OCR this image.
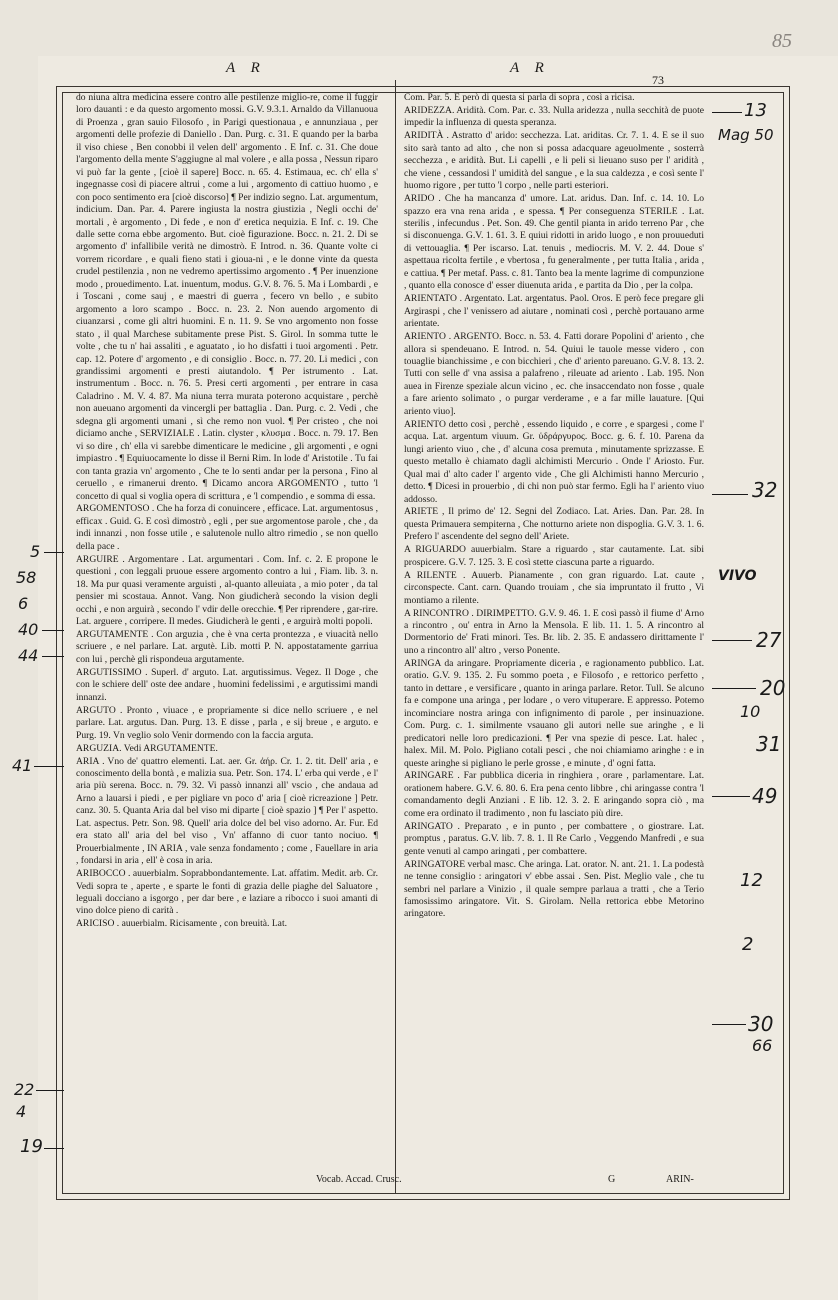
85
A R	A R
73

do niuna altra medicina essere contro alle pestilenze miglio-re, come il fuggir loro dauanti : e da questo argomento mossi. G.V. 9.3.1. Arnaldo da Villanuoua di Proenza , gran sauio Filosofo , in Parigi questionaua , e annunziaua , per argomenti delle profezie di Daniello . Dan. Purg. c. 31. E quando per la barba il viso chiese , Ben conobbi il velen dell' argomento . E Inf. c. 31. Che doue l'argomento della mente S'aggiugne al mal volere , e alla possa , Nessun riparo vi può far la gente , [cioè il sapere] Bocc. n. 65. 4. Estimaua, ec. ch' ella s' ingegnasse così di piacere altrui , come a lui , argomento di cattiuo huomo , e con poco sentimento era [cioè discorso] ¶ Per indizio segno. Lat. argumentum, indicium. Dan. Par. 4. Parere ingiusta la nostra giustizia , Negli occhi de' mortali , è argomento , Di fede , e non d' eretica nequizia. E Inf. c. 19. Che dalle sette corna ebbe argomento. But. cioè figurazione. Bocc. n. 21. 2. Di se argomento d' infallibile verità ne dimostrò. E Introd. n. 36. Quante volte ci vorrem ricordare , e quali fieno stati i gioua-ni , e le donne vinte da questa crudel pestilenzia , non ne vedremo apertissimo argomento . ¶ Per inuenzione modo , prouedimento. Lat. inuentum, modus. G.V. 8. 76. 5. Ma i Lombardi , e i Toscani , come sauj , e maestri di guerra , fecero vn bello , e subito argomento a loro scampo . Bocc. n. 23. 2. Non auendo argomento di ciuanzarsi , come gli altri huomini. E n. 11. 9. Se vno argomento non fosse stato , il qual Marchese subitamente prese Pist. S. Girol. In somma tutte le volte , che tu n' hai assaliti , e aguatato , io ho disfatti i tuoi argomenti . Petr. cap. 12. Potere d' argomento , e di consiglio . Bocc. n. 77. 20. Li medici , con grandissimi argomenti e presti aiutandolo. ¶ Per istrumento . Lat. instrumentum . Bocc. n. 76. 5. Presi certi argomenti , per entrare in casa Caladrino . M. V. 4. 87. Ma niuna terra murata poterono acquistare , perchè non aueuano argomenti da vincergli per battaglia . Dan. Purg. c. 2. Vedi , che sdegna gli argomenti umani , sì che remo non vuol. ¶ Per cristeo , che noi diciamo anche , SERVIZIALE . Latin. clyster , κλυσμα . Bocc. n. 79. 17. Ben vi so dire , ch' ella vi sarebbe dimenticare le medicine , gli argomenti , e ogni impiastro . ¶ Equiuocamente lo disse il Berni Rim. In lode d' Aristotile . Tu fai con tanta grazia vn' argomento , Che te lo senti andar per la persona , Fino al ceruello , e rimanerui drento. ¶ Dicamo ancora ARGOMENTO , tutto 'l concetto di qual si voglia opera di scrittura , e 'l compendio , e somma di essa.

ARGOMENTOSO . Che ha forza di conuincere , efficace. Lat. argumentosus , efficax . Guid. G. E così dimostrò , egli , per sue argomentose parole , che , da indi innanzi , non fosse utile , e salutenole nullo altro rimedio , se non quello della pace .

ARGUIRE . Argomentare . Lat. argumentari . Com. Inf. c. 2. E propone le questioni , con leggali pruoue essere argomento contro a lui , Fiam. lib. 3. n. 18. Ma pur quasi veramente arguisti , al-quanto alleuiata , a mio poter , da tal pensier mi scostaua. Annot. Vang. Non giudicherà secondo la vision degli occhi , e non arguirà , secondo l' vdir delle orecchie. ¶ Per riprendere , gar-rire. Lat. arguere , corripere. Il medes. Giudicherà le genti , e arguirà molti popoli.

ARGUTAMENTE . Con arguzia , che è vna certa prontezza , e viuacità nello scriuere , e nel parlare. Lat. argutè. Lib. motti P. N. appostatamente garriua con lui , perchè gli rispondeua argutamente.

ARGUTISSIMO . Superl. d' arguto. Lat. argutissimus. Vegez. Il Doge , che con le schiere dell' oste dee andare , huomini fedelissimi , e argutissimi mandi innanzi.

ARGUTO . Pronto , viuace , e propriamente si dice nello scriuere , e nel parlare. Lat. argutus. Dan. Purg. 13. E disse , parla , e sij breue , e arguto. e Purg. 19. Vn veglio solo Venir dormendo con la faccia arguta.

ARGUZIA. Vedi ARGUTAMENTE.

ARIA . Vno de' quattro elementi. Lat. aer. Gr. ἀήρ. Cr. 1. 2. tit. Dell' aria , e conoscimento della bontà , e malizia sua. Petr. Son. 174. L' erba qui verde , e l' aria più serena. Bocc. n. 79. 32. Vi passò innanzi all' vscio , che andaua ad Arno a lauarsi i piedi , e per pigliare vn poco d' aria [ cioè ricreazione ] Petr. canz. 30. 5. Quanta Aria dal bel viso mi diparte [ cioè spazio ] ¶ Per l' aspetto. Lat. aspectus. Petr. Son. 98. Quell' aria dolce del bel viso adorno. Ar. Fur. Ed era stato all' aria del bel viso , Vn' affanno di cuor tanto nociuo. ¶ Prouerbialmente , IN ARIA , vale senza fondamento ; come , Fauellare in aria , fondarsi in aria , ell' è cosa in aria.

ARIBOCCO . auuerbialm. Soprabbondantemente. Lat. affatim. Medit. arb. Cr. Vedi sopra te , aperte , e sparte le fonti di grazia delle piaghe del Saluatore , leguali docciano a isgorgo , per dar bere , e laziare a ribocco i suoi amanti di vino dolce pieno di carità .

ARICISO . auuerbialm. Ricisamente , con breuità. Lat.

Com. Par. 5. E però di questa si parla di sopra , così a ricisa.

ARIDEZZA. Aridità. Com. Par. c. 33. Nulla aridezza , nulla secchità de puote impedir la influenza di questa speranza.

ARIDITÀ . Astratto d' arido: secchezza. Lat. ariditas. Cr. 7. 1. 4. E se il suo sito sarà tanto ad alto , che non si possa adacquare ageuolmente , sosterrà secchezza , e aridità. But. Li capelli , e li peli si lieuano suso per l' aridità , che viene , cessandosi l' umidità del sangue , e la sua caldezza , e così sente l' huomo rigore , per tutto 'l corpo , nelle parti esteriori.

ARIDO . Che ha mancanza d' umore. Lat. aridus. Dan. Inf. c. 14. 10. Lo spazzo era vna rena arida , e spessa. ¶ Per conseguenza STERILE . Lat. sterilis , infecundus . Pet. Son. 49. Che gentil pianta in arido terreno Par , che si disconuenga. G.V. 1. 61. 3. E quiui ridotti in arido luogo , e non prouueduti di vettouaglia. ¶ Per iscarso. Lat. tenuis , mediocris. M. V. 2. 44. Doue s' aspettaua ricolta fertile , e vbertosa , fu generalmente , per tutta Italia , arida , e cattiua. ¶ Per metaf. Pass. c. 81. Tanto bea la mente lagrime di compunzione , quanto ella conosce d' esser diuenuta arida , e partita da Dio , per la colpa.

ARIENTATO . Argentato. Lat. argentatus. Paol. Oros. E però fece pregare gli Argiraspi , che l' venissero ad aiutare , nominati così , perchè portauano arme arientate.

ARIENTO . ARGENTO. Bocc. n. 53. 4. Fatti dorare Popolini d' ariento , che allora si spendeuano. E Introd. n. 54. Quiui le tauole messe videro , con touaglie bianchissime , e con bicchieri , che d' ariento pareuano. G.V. 8. 13. 2. Tutti con selle d' vna assisa a palafreno , rileuate ad ariento . Lab. 195. Non auea in Firenze speziale alcun vicino , ec. che insaccendato non fosse , quale a fare ariento solimato , o purgar verderame , e a far mille lauature. [Qui ariento viuo].

ARIENTO detto così , perchè , essendo liquido , e corre , e spargesi , come l' acqua. Lat. argentum viuum. Gr. ὑδράργυρος. Bocc. g. 6. f. 10. Parena da lungi ariento viuo , che , d' alcuna cosa premuta , minutamente sprizzasse. E questo metallo è chiamato dagli alchimisti Mercurio . Onde l' Ariosto. Fur. Qual mai d' alto cader l' argento vide , Che gli Alchimisti hanno Mercurio , detto. ¶ Dicesi in prouerbio , di chi non può star fermo. Egli ha l' ariento viuo addosso.

ARIETE , Il primo de' 12. Segni del Zodiaco. Lat. Aries. Dan. Par. 28. In questa Primauera sempiterna , Che notturno ariete non dispoglia. G.V. 3. 1. 6. Prefero l' ascendente del segno dell' Ariete.

A RIGUARDO auuerbialm. Stare a riguardo , star cautamente. Lat. sibi prospicere. G.V. 7. 125. 3. E così stette ciascuna parte a riguardo.

A RILENTE . Auuerb. Pianamente , con gran riguardo. Lat. caute , circonspecte. Cant. carn. Quando trouiam , che sia impruntato il frutto , Vi montiamo a rilente.

A RINCONTRO . DIRIMPETTO. G.V. 9. 46. 1. E così passò il fiume d' Arno a rincontro , ou' entra in Arno la Mensola. E lib. 11. 1. 5. A rincontro al Dormentorio de' Frati minori. Tes. Br. lib. 2. 35. E andassero dirittamente l' uno a rincontro all' altro , verso Ponente.

ARINGA da aringare. Propriamente diceria , e ragionamento pubblico. Lat. oratio. G.V. 9. 135. 2. Fu sommo poeta , e Filosofo , e rettorico perfetto , tanto in dettare , e versificare , quanto in aringa parlare. Retor. Tull. Se alcuno fa e compone una aringa , per lodare , o vero vituperare. E appresso. Potemo incominciare nostra aringa con infignimento di parole , per insinuazione. Com. Purg. c. 1. similmente vsauano gli autori nelle sue aringhe , e li predicatori nelle loro predicazioni. ¶ Per vna spezie di pesce. Lat. halec , halex. Mil. M. Polo. Pigliano cotali pesci , che noi chiamiamo aringhe : e in queste aringhe si pigliano le perle grosse , e minute , d' ogni fatta.

ARINGARE . Far pubblica diceria in ringhiera , orare , parlamentare. Lat. orationem habere. G.V. 6. 80. 6. Era pena cento libbre , chi aringasse contra 'l comandamento degli Anziani . E lib. 12. 3. 2. E aringando sopra ciò , ma come era ordinato il tradimento , non fu lasciato più dire.

ARINGATO . Preparato , e in punto , per combattere , o giostrare. Lat. promptus , paratus. G.V. lib. 7. 8. 1. Il Re Carlo , Veggendo Manfredi , e sua gente venuti al campo aringati , per combattere.

ARINGATORE verbal masc. Che aringa. Lat. orator. N. ant. 21. 1. La podestà ne tenne consiglio : aringatori v' ebbe assai . Sen. Pist. Meglio vale , che tu sembri nel parlare a Vinizio , il quale sempre parlaua a tratti , che a Terio famosissimo aringatore. Vit. S. Girolam. Nella rettorica ebbe Metorino aringatore.

Vocab. Accad. Crusc.	G	ARIN-
13
Mag 50
32
VIVO
27
20
10
31
49
12
2
30
66
5
58
6
40
44
41
22
4
19
